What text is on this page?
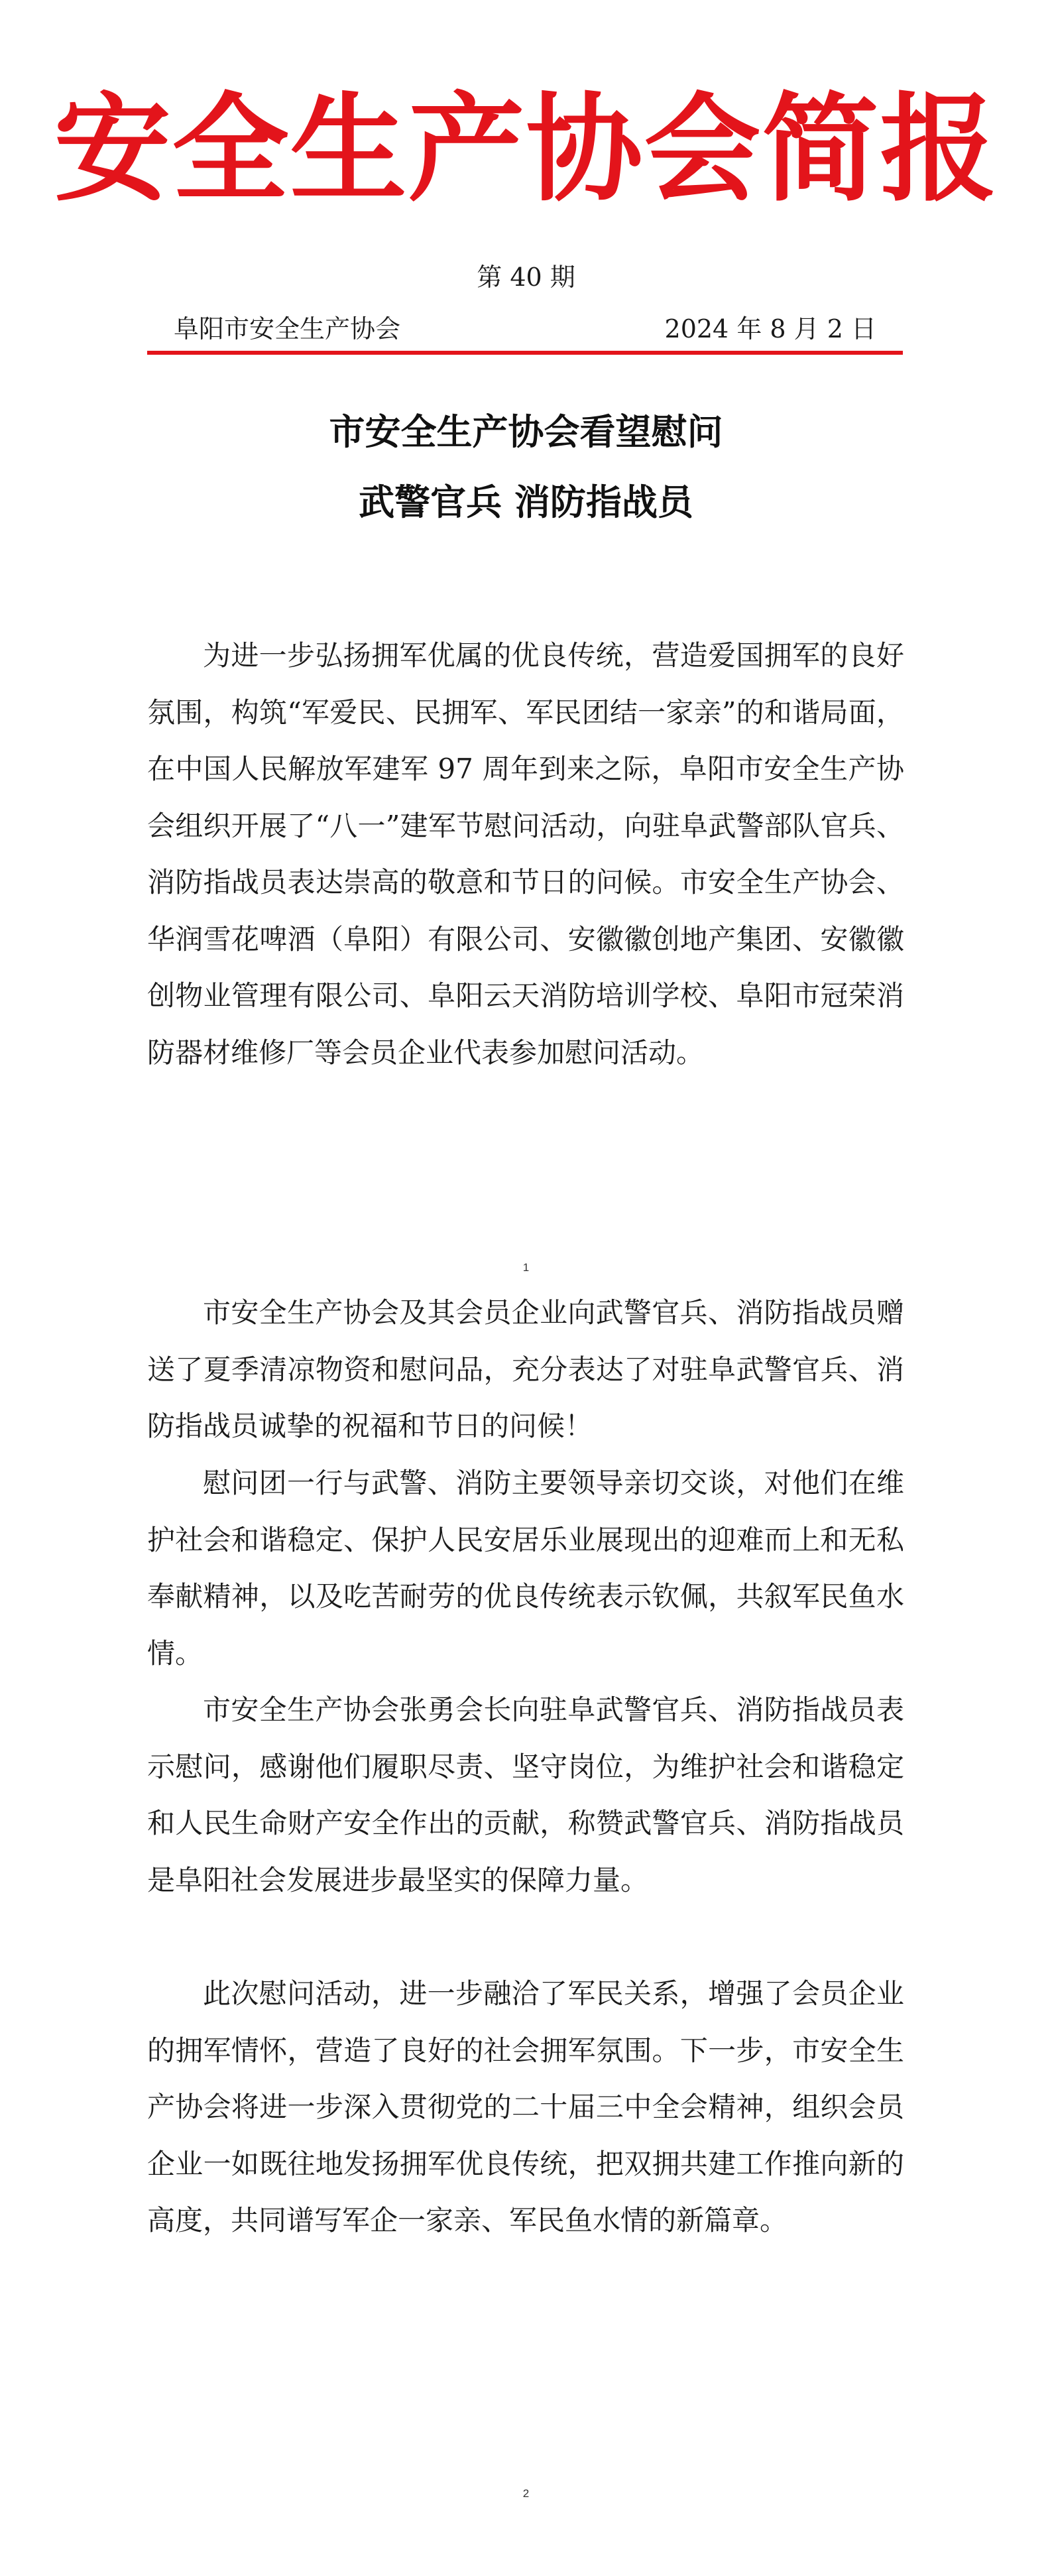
安全生产协会简报
第 40 期
阜阳市安全生产协会	2024 年 8 月 2 日
市安全生产协会看望慰问
武警官兵 消防指战员

为进一步弘扬拥军优属的优良传统，营造爱国拥军的良好氛围，构筑“军爱民、民拥军、军民团结一家亲”的和谐局面，在中国人民解放军建军 97 周年到来之际，阜阳市安全生产协会组织开展了“八一”建军节慰问活动，向驻阜武警部队官兵、消防指战员表达崇高的敬意和节日的问候。市安全生产协会、华润雪花啤酒（阜阳）有限公司、安徽徽创地产集团、安徽徽创物业管理有限公司、阜阳云天消防培训学校、阜阳市冠荣消防器材维修厂等会员企业代表参加慰问活动。

1

市安全生产协会及其会员企业向武警官兵、消防指战员赠送了夏季清凉物资和慰问品，充分表达了对驻阜武警官兵、消防指战员诚挚的祝福和节日的问候！

慰问团一行与武警、消防主要领导亲切交谈，对他们在维护社会和谐稳定、保护人民安居乐业展现出的迎难而上和无私奉献精神，以及吃苦耐劳的优良传统表示钦佩，共叙军民鱼水情。

市安全生产协会张勇会长向驻阜武警官兵、消防指战员表示慰问，感谢他们履职尽责、坚守岗位，为维护社会和谐稳定和人民生命财产安全作出的贡献，称赞武警官兵、消防指战员是阜阳社会发展进步最坚实的保障力量。

此次慰问活动，进一步融洽了军民关系，增强了会员企业的拥军情怀，营造了良好的社会拥军氛围。下一步，市安全生产协会将进一步深入贯彻党的二十届三中全会精神，组织会员企业一如既往地发扬拥军优良传统，把双拥共建工作推向新的高度，共同谱写军企一家亲、军民鱼水情的新篇章。

2
